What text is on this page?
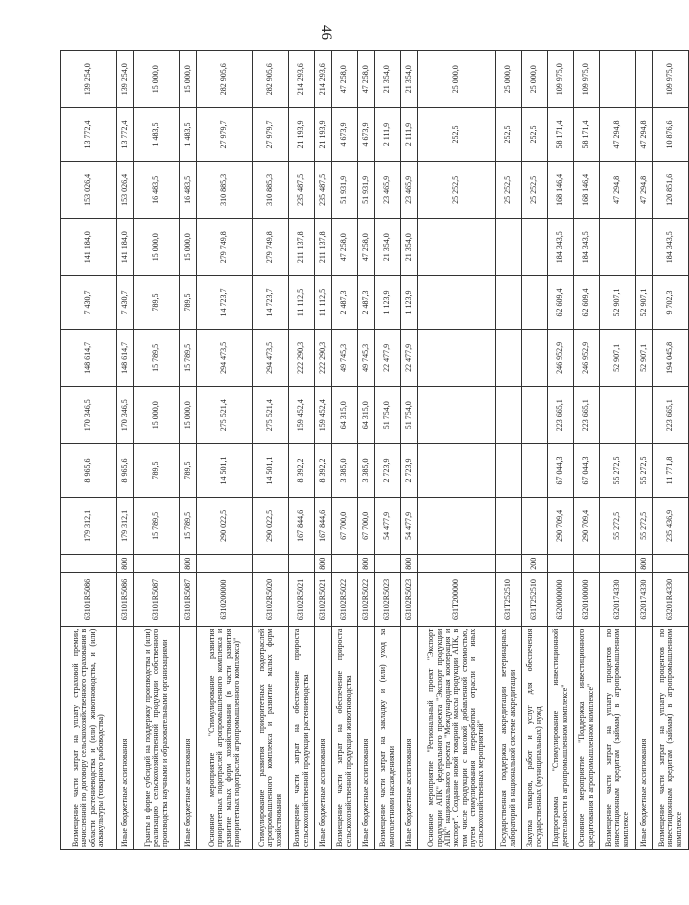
46
Возмещение части затрат на уплату страховой премии, начисленной по договору сельскохозяйственного страхования в области растениеводства и (или) животноводства, и (или) аквакультуры (товарного рыбоводства)	63101R5086		179 312,1	8 965,6	170 346,5	148 614,7	7 430,7	141 184,0	153 026,4	13 772,4	139 254,0
Иные бюджетные ассигнования	63101R5086	800	179 312,1	8 965,6	170 346,5	148 614,7	7 430,7	141 184,0	153 026,4	13 772,4	139 254,0
Гранты в форме субсидий на поддержку производства и (или) реализацию сельскохозяйственной продукции собственного производства научными и образовательными организациями	63101R5087		15 789,5	789,5	15 000,0	15 789,5	789,5	15 000,0	16 483,5	1 483,5	15 000,0
Иные бюджетные ассигнования	63101R5087	800	15 789,5	789,5	15 000,0	15 789,5	789,5	15 000,0	16 483,5	1 483,5	15 000,0
Основное мероприятие "Стимулирование развития приоритетных подотраслей агропромышленного комплекса и развитие малых форм хозяйствования (в части развития приоритетных подотраслей агропромышленного комплекса)"	6310200000		290 022,5	14 501,1	275 521,4	294 473,5	14 723,7	279 749,8	310 885,3	27 979,7	282 905,6
Стимулирование развития приоритетных подотраслей агропромышленного комплекса и развитие малых форм хозяйствования	63102R5020		290 022,5	14 501,1	275 521,4	294 473,5	14 723,7	279 749,8	310 885,3	27 979,7	282 905,6
Возмещение части затрат на обеспечение прироста сельскохозяйственной продукции растениеводства	63102R5021		167 844,6	8 392,2	159 452,4	222 290,3	11 112,5	211 137,8	235 487,5	21 193,9	214 293,6
Иные бюджетные ассигнования	63102R5021	800	167 844,6	8 392,2	159 452,4	222 290,3	11 112,5	211 137,8	235 487,5	21 193,9	214 293,6
Возмещение части затрат на обеспечение прироста сельскохозяйственной продукции животноводства	63102R5022		67 700,0	3 385,0	64 315,0	49 745,3	2 487,3	47 258,0	51 931,9	4 673,9	47 258,0
Иные бюджетные ассигнования	63102R5022	800	67 700,0	3 385,0	64 315,0	49 745,3	2 487,3	47 258,0	51 931,9	4 673,9	47 258,0
Возмещение части затрат на закладку и (или) уход за многолетними насаждениями	63102R5023		54 477,9	2 723,9	51 754,0	22 477,9	1 123,9	21 354,0	23 465,9	2 111,9	21 354,0
Иные бюджетные ассигнования	63102R5023	800	54 477,9	2 723,9	51 754,0	22 477,9	1 123,9	21 354,0	23 465,9	2 111,9	21 354,0
Основное мероприятие "Региональный проект "Экспорт продукции АПК" федерального проекта "Экспорт продукции АПК" национального проекта "Международная кооперация и экспорт". Создание новой товарной массы продукции АПК, в том числе продукции с высокой добавленной стоимостью, путем стимулирования переработки отрасли и иных сельскохозяйственных мероприятий"	631T200000								25 252,5	252,5	25 000,0
Государственная поддержка аккредитации ветеринарных лабораторий в национальной системе аккредитации	631T252510								25 252,5	252,5	25 000,0
Закупка товаров, работ и услуг для обеспечения государственных (муниципальных) нужд	631T252510	200							25 252,5	252,5	25 000,0
Подпрограмма "Стимулирование инвестиционной деятельности в агропромышленном комплексе"	6320000000		290 709,4	67 044,3	223 665,1	246 952,9	62 609,4	184 343,5	168 146,4	58 171,4	109 975,0
Основное мероприятие "Поддержка инвестиционного кредитования в агропромышленном комплексе"	6320100000		290 709,4	67 044,3	223 665,1	246 952,9	62 609,4	184 343,5	168 146,4	58 171,4	109 975,0
Возмещение части затрат на уплату процентов по инвестиционным кредитам (займам) в агропромышленном комплексе	6320174330		55 272,5	55 272,5		52 907,1	52 907,1		47 294,8	47 294,8	
Иные бюджетные ассигнования	6320174330	800	55 272,5	55 272,5		52 907,1	52 907,1		47 294,8	47 294,8	
Возмещение части затрат на уплату процентов по инвестиционным кредитам (займам) в агропромышленном комплексе	63201R4330		235 436,9	11 771,8	223 665,1	194 045,8	9 702,3	184 343,5	120 851,6	10 876,6	109 975,0
